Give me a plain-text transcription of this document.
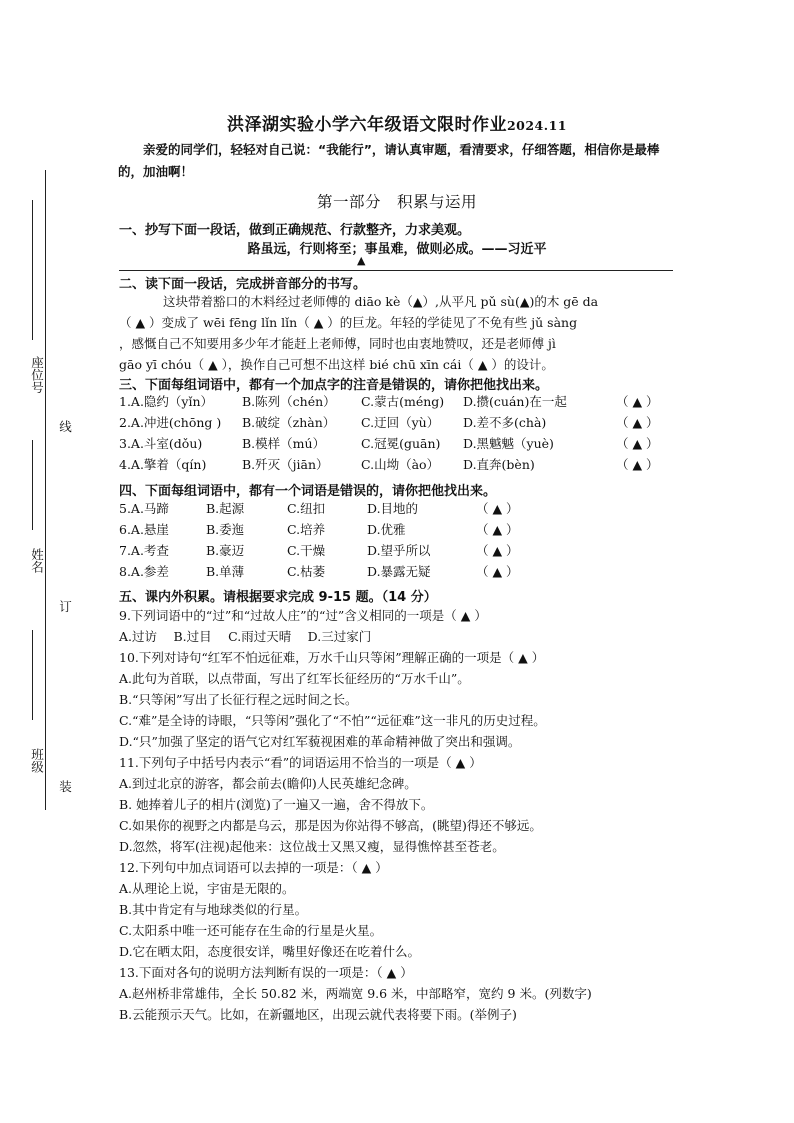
座位号
线
姓名
订
班级
装
洪泽湖实验小学六年级语文限时作业2024.11
亲爱的同学们，轻轻对自己说：“我能行”，请认真审题，看清要求，仔细答题，相信你是最棒的，加油啊！
第一部分　积累与运用
一、抄写下面一段话，做到正确规范、行款整齐，力求美观。
路虽远，行则将至；事虽难，做则必成。——习近平
▲
二、读下面一段话，完成拼音部分的书写。
这块带着豁口的木料经过老师傅的 diāo kè（▲）,从平凡 pǔ sù(▲)的木 gē da
（ ▲ ）变成了 wēi fēng lǐn lǐn（ ▲ ）的巨龙。年轻的学徒见了不免有些 jǔ sàng
，感慨自己不知要用多少年才能赶上老师傅，同时也由衷地赞叹，还是老师傅 jì
gāo yī chóu（ ▲ ），换作自己可想不出这样 bié chū xīn cái（ ▲ ）的设计。
三、下面每组词语中，都有一个加点字的注音是错误的，请你把他找出来。
1.A.隐约（yǐn） B.陈列（chén） C.蒙古(méng) D.攒(cuán)在一起	（ ▲ ）
2.A.冲进(chōng ) B.破绽（zhàn） C.迂回（yù） D.差不多(chà)	（ ▲ ）
3.A.斗室(dǒu)	B.模样（mú）	C.冠冕(guān) D.黑魆魆（yuè)	（ ▲ ）
4.A.擎着（qín)	B.歼灭（jiān）	C.山坳（ào） D.直奔(bèn)	（ ▲ ）
四、下面每组词语中，都有一个词语是错误的，请你把他找出来。
5.A.马蹄	B.起源	C.纽扣	D.目地的	（ ▲ ）
6.A.悬崖	B.委迤	C.培养	D.优雅	（ ▲ ）
7.A.考查	B.豪迈	C.干燥	D.望乎所以	（ ▲ ）
8.A.参差	B.单薄	C.枯萎	D.暴露无疑	（ ▲ ）
五、课内外积累。请根据要求完成 9-15 题。（14 分）
9.下列词语中的“过”和“过故人庄”的“过”含义相同的一项是（ ▲ ）
A.过访　 B.过目　 C.雨过天晴　 D.三过家门
10.下列对诗句“红军不怕远征难，万水千山只等闲”理解正确的一项是（ ▲ ）
A.此句为首联，以点带面，写出了红军长征经历的“万水千山”。
B.“只等闲”写出了长征行程之远时间之长。
C.“难”是全诗的诗眼，“只等闲”强化了“不怕”“远征难”这一非凡的历史过程。
D.“只”加强了坚定的语气它对红军藐视困难的革命精神做了突出和强调。
11.下列句子中括号内表示“看”的词语运用不恰当的一项是（ ▲ ）
A.到过北京的游客，都会前去(瞻仰)人民英雄纪念碑。
B. 她捧着儿子的相片(浏览)了一遍又一遍，舍不得放下。
C.如果你的视野之内都是乌云，那是因为你站得不够高，(眺望)得还不够远。
D.忽然，将军(注视)起他来：这位战士又黑又瘦，显得憔悴甚至苍老。
12.下列句中加点词语可以去掉的一项是：（ ▲ ）
A.从理论上说，宇宙是无限的。
B.其中肯定有与地球类似的行星。
C.太阳系中唯一还可能存在生命的行星是火星。
D.它在晒太阳，态度很安详，嘴里好像还在吃着什么。
13.下面对各句的说明方法判断有误的一项是：（ ▲ ）
A.赵州桥非常雄伟，全长 50.82 米，两端宽 9.6 米，中部略窄，宽约 9 米。(列数字)
B.云能预示天气。比如，在新疆地区，出现云就代表将要下雨。(举例子)
